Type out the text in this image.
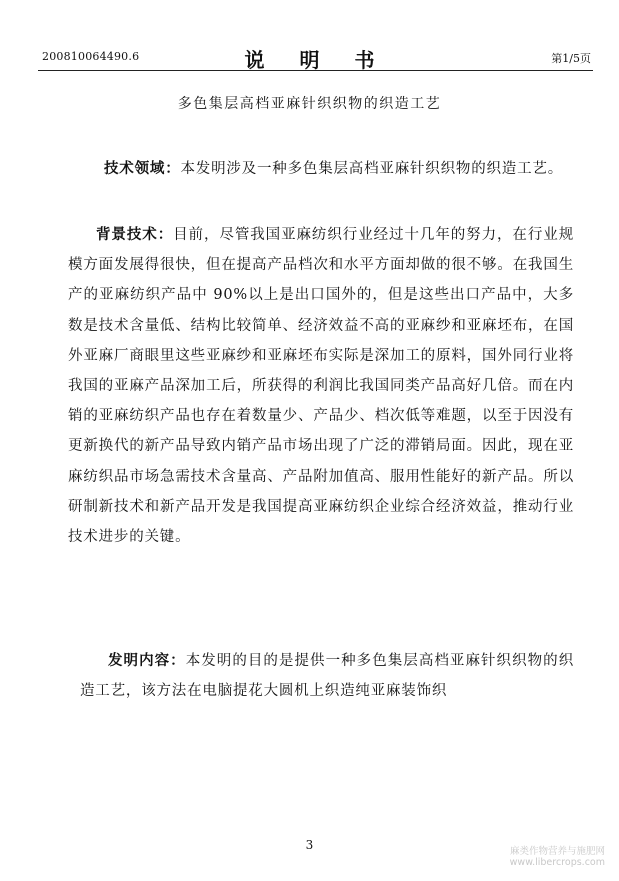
200810064490.6	说 明 书	第1/5页
多色集层高档亚麻针织织物的织造工艺
技术领域：本发明涉及一种多色集层高档亚麻针织织物的织造工艺。
背景技术：目前，尽管我国亚麻纺织行业经过十几年的努力，在行业规模方面发展得很快，但在提高产品档次和水平方面却做的很不够。在我国生产的亚麻纺织产品中 90%以上是出口国外的，但是这些出口产品中，大多数是技术含量低、结构比较简单、经济效益不高的亚麻纱和亚麻坯布，在国外亚麻厂商眼里这些亚麻纱和亚麻坯布实际是深加工的原料，国外同行业将我国的亚麻产品深加工后，所获得的利润比我国同类产品高好几倍。而在内销的亚麻纺织产品也存在着数量少、产品少、档次低等难题，以至于因没有更新换代的新产品导致内销产品市场出现了广泛的滞销局面。因此，现在亚麻纺织品市场急需技术含量高、产品附加值高、服用性能好的新产品。所以研制新技术和新产品开发是我国提高亚麻纺织企业综合经济效益，推动行业技术进步的关键。
发明内容：本发明的目的是提供一种多色集层高档亚麻针织织物的织造工艺，该方法在电脑提花大圆机上织造纯亚麻装饰织
3	麻类作物营养与施肥网
www.libercrops.com
